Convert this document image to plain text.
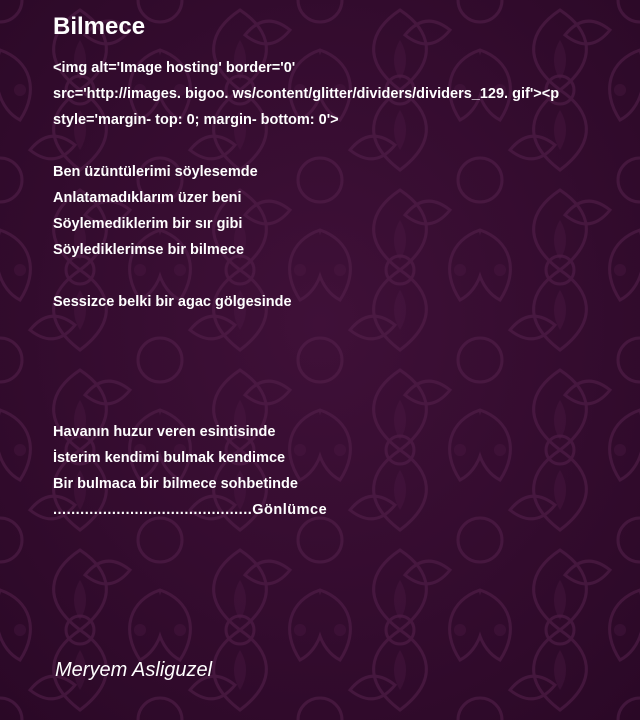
Bilmece
<img alt='Image hosting' border='0'
src='http://images. bigoo. ws/content/glitter/dividers/dividers_129. gif'><p
style='margin- top: 0; margin- bottom: 0'>
Ben üzüntülerimi söylesemde
Anlatamadıklarım üzer beni
Söylemediklerim bir sır gibi
Söylediklerimse bir bilmece
Sessizce belki bir agac gölgesinde
Havanın huzur veren esintisinde
İsterim kendimi bulmak kendimce
Bir bulmaca bir bilmece sohbetinde
............................................Gönlümce
Meryem Asliguzel
